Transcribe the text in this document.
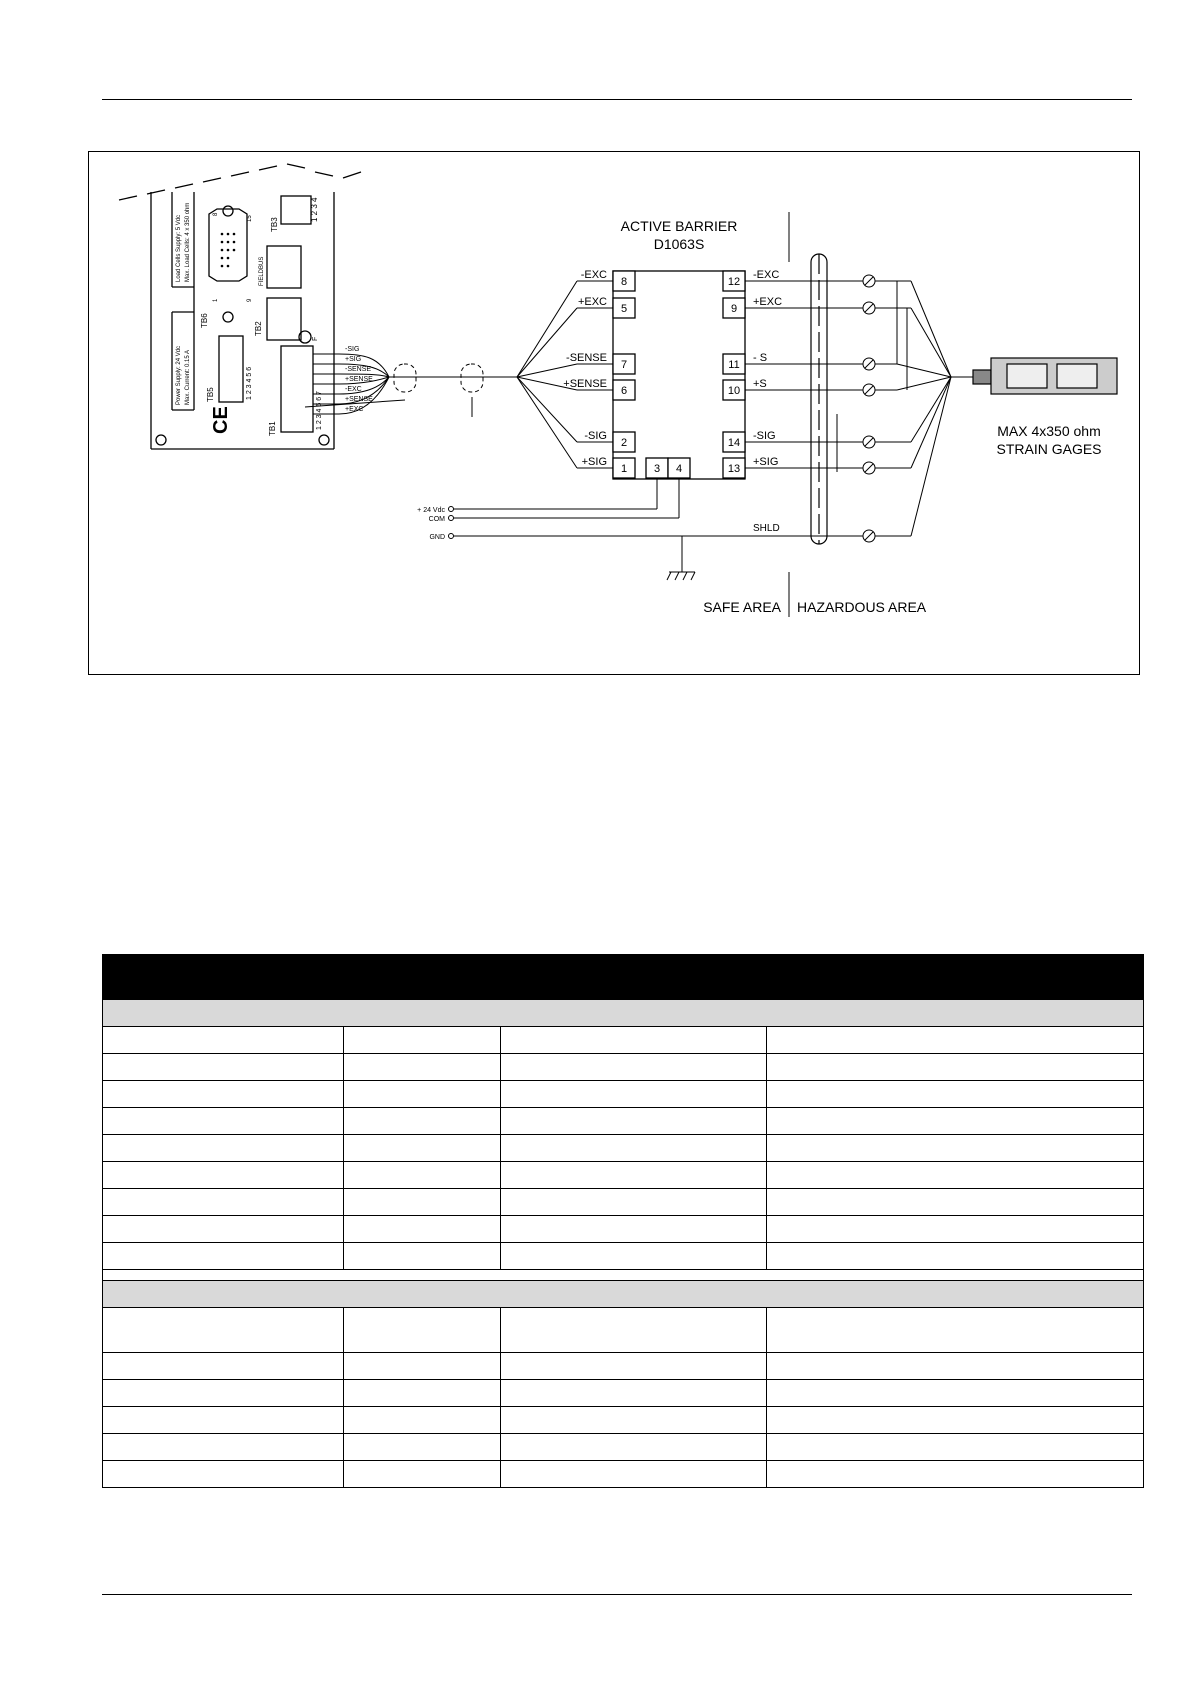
ACTIVE BARRIER
D1063S
-EXC
8
+EXC
5
-SENSE
7
+SENSE
6
-SIG
2
+SIG
1
-EXC
12
+EXC
9
- S
11
+S
10
-SIG
14
+SIG
13
3 4
+ 24 Vdc
COM
GND
SHLD
SAFE AREA HAZARDOUS AREA
MAX 4x350 ohm
STRAIN GAGES
TB3
1 2 3 4
TB6
TB2
TB5	1 2 3 4 5 6
TB1	1 2 3 4 5 6 7
FIELDBUS
F
8
15
1	9
Load Cells Supply: 5 Vdc Max. Load Cells: 4 x 350 ohm
Power Supply: 24 Vdc Max. Current: 0.15 A
CE
-SIG
+SIG
-SENSE
+SENSE
-EXC
+SENSE
+EXC
